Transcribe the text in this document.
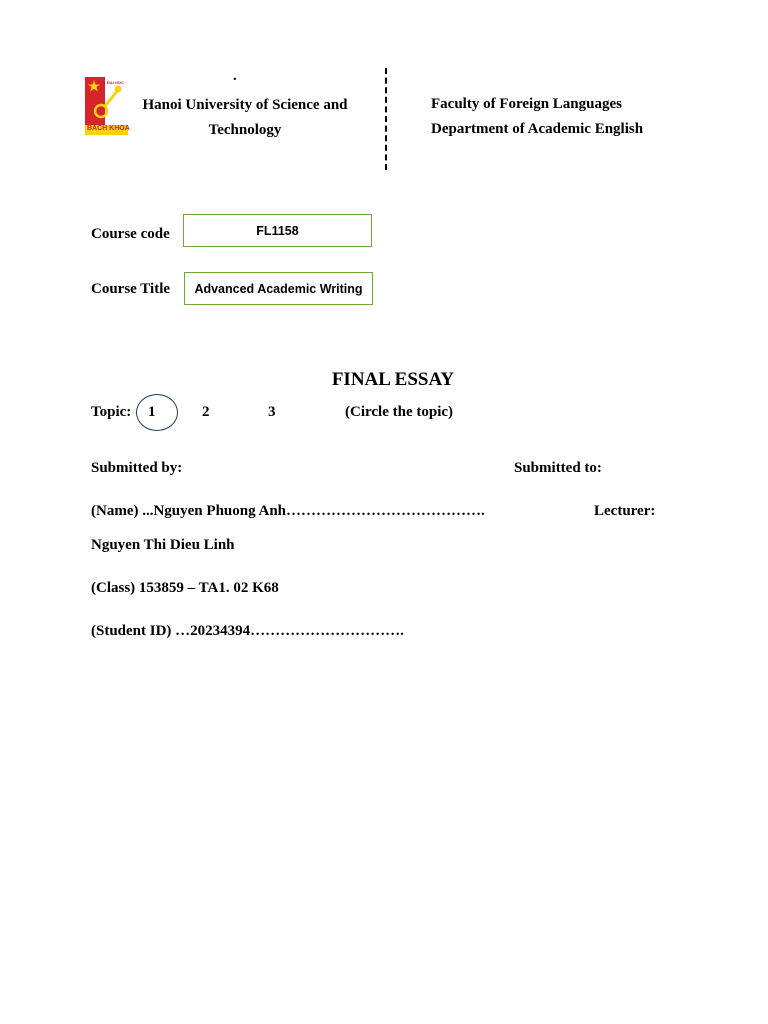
ĐẠI HỌC
BÁCH KHOA
.
Hanoi University of Science and
Technology
Faculty of Foreign Languages
Department of Academic English
Course code	FL1158
Course Title	Advanced Academic Writing
FINAL ESSAY
Topic: 1	2	3	(Circle the topic)
Submitted by:	Submitted to:
(Name) ...Nguyen Phuong Anh………………………………….	Lecturer:
Nguyen Thi Dieu Linh
(Class) 153859 – TA1. 02 K68
(Student ID) …20234394………………………….
